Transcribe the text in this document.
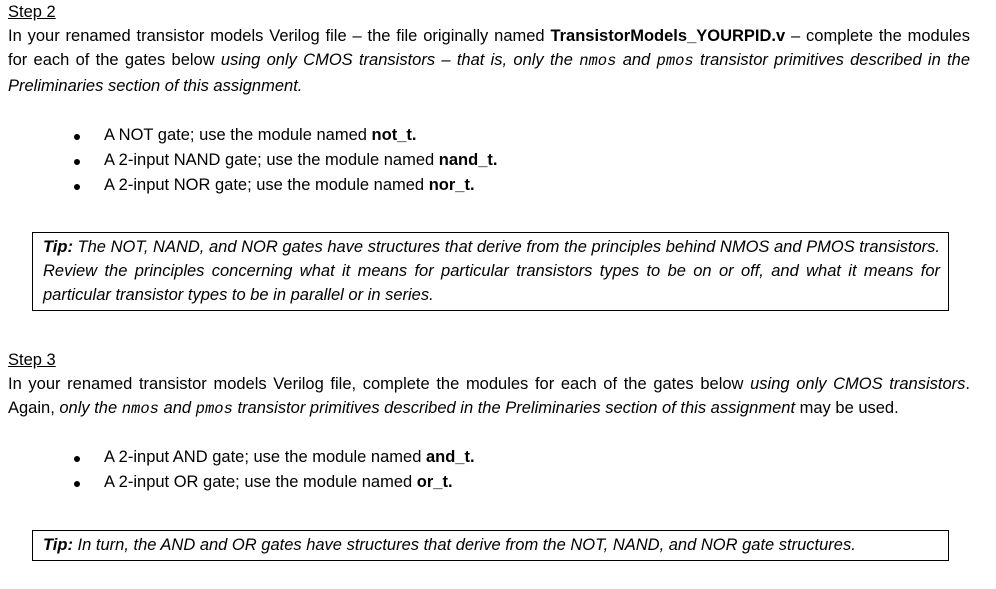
Step 2

In your renamed transistor models Verilog file – the file originally named TransistorModels_YOURPID.v – complete the modules for each of the gates below using only CMOS transistors – that is, only the nmos and pmos transistor primitives described in the Preliminaries section of this assignment.

A NOT gate; use the module named not_t.
A 2-input NAND gate; use the module named nand_t.
A 2-input NOR gate; use the module named nor_t.
Tip: The NOT, NAND, and NOR gates have structures that derive from the principles behind NMOS and PMOS transistors. Review the principles concerning what it means for particular transistors types to be on or off, and what it means for particular transistor types to be in parallel or in series.

Step 3

In your renamed transistor models Verilog file, complete the modules for each of the gates below using only CMOS transistors. Again, only the nmos and pmos transistor primitives described in the Preliminaries section of this assignment may be used.

A 2-input AND gate; use the module named and_t.
A 2-input OR gate; use the module named or_t.
Tip: In turn, the AND and OR gates have structures that derive from the NOT, NAND, and NOR gate structures.
